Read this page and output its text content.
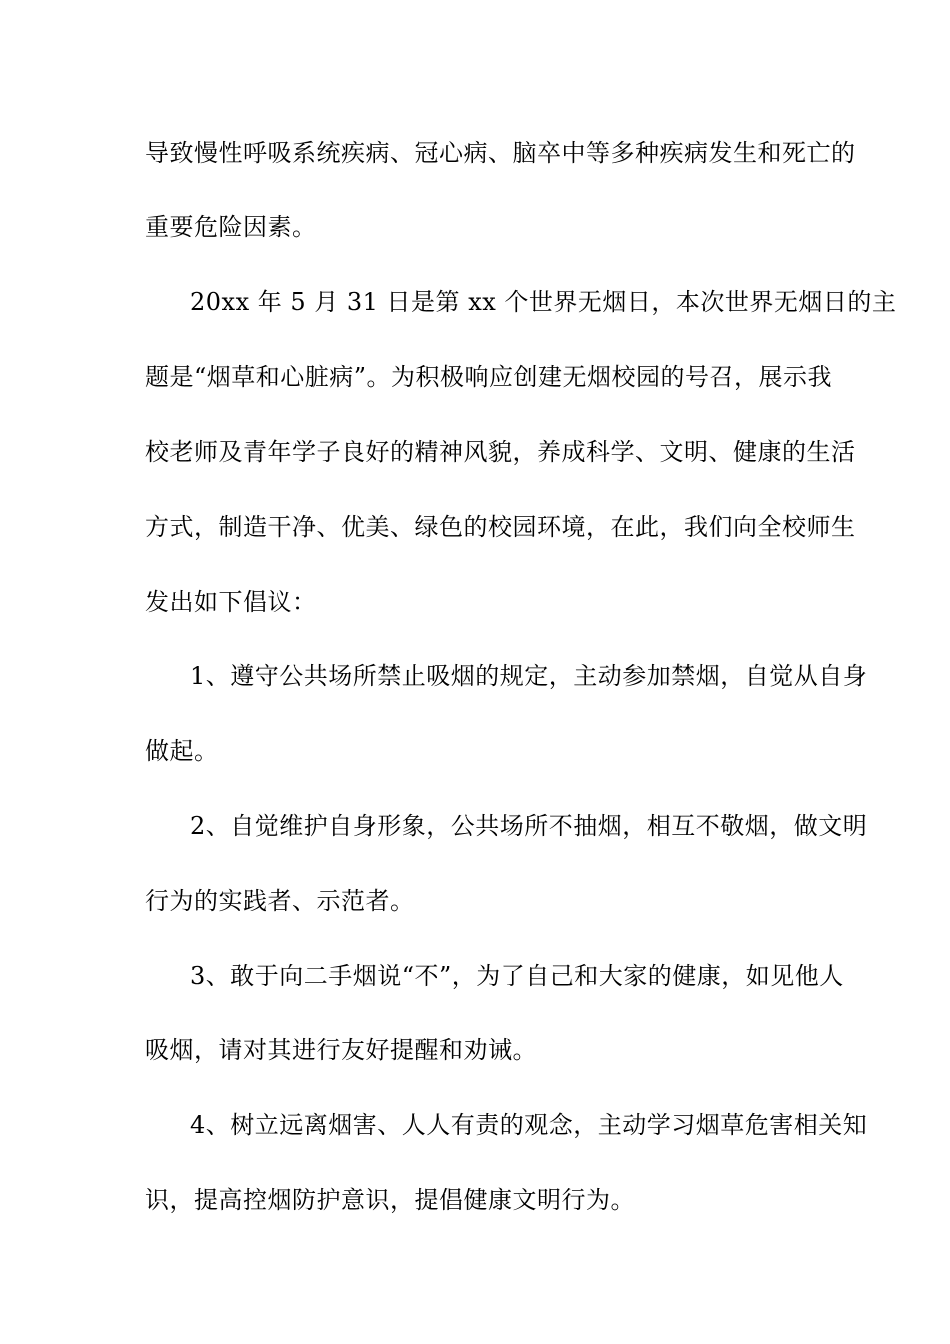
导致慢性呼吸系统疾病、冠心病、脑卒中等多种疾病发生和死亡的
重要危险因素。
20xx 年 5 月 31 日是第 xx 个世界无烟日，本次世界无烟日的主
题是“烟草和心脏病”。为积极响应创建无烟校园的号召，展示我
校老师及青年学子良好的精神风貌，养成科学、文明、健康的生活
方式，制造干净、优美、绿色的校园环境，在此，我们向全校师生
发出如下倡议：
1、遵守公共场所禁止吸烟的规定，主动参加禁烟，自觉从自身
做起。
2、自觉维护自身形象，公共场所不抽烟，相互不敬烟，做文明
行为的实践者、示范者。
3、敢于向二手烟说“不”，为了自己和大家的健康，如见他人
吸烟，请对其进行友好提醒和劝诫。
4、树立远离烟害、人人有责的观念，主动学习烟草危害相关知
识，提高控烟防护意识，提倡健康文明行为。
